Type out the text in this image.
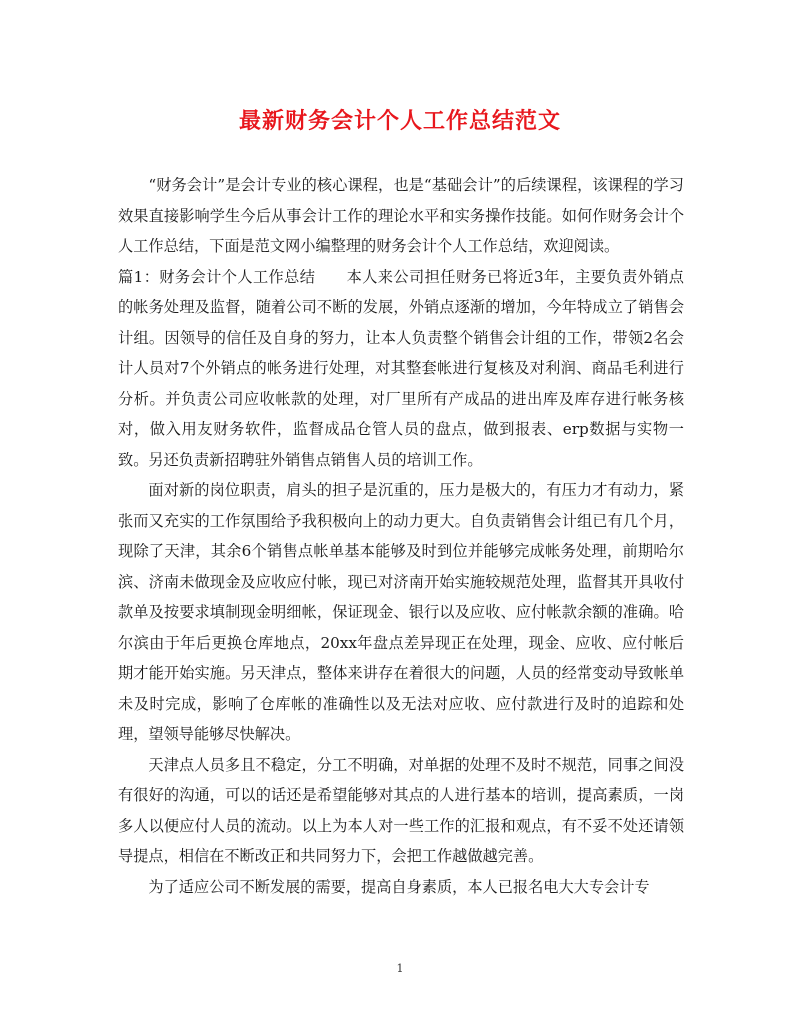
最新财务会计个人工作总结范文

“财务会计”是会计专业的核心课程，也是“基础会计”的后续课程，该课程的学习效果直接影响学生今后从事会计工作的理论水平和实务操作技能。如何作财务会计个人工作总结，下面是范文网小编整理的财务会计个人工作总结，欢迎阅读。

篇1：财务会计个人工作总结　　本人来公司担任财务已将近3年，主要负责外销点的帐务处理及监督，随着公司不断的发展，外销点逐渐的增加，今年特成立了销售会计组。因领导的信任及自身的努力，让本人负责整个销售会计组的工作，带领2名会计人员对7个外销点的帐务进行处理，对其整套帐进行复核及对利润、商品毛利进行分析。并负责公司应收帐款的处理，对厂里所有产成品的进出库及库存进行帐务核对，做入用友财务软件，监督成品仓管人员的盘点，做到报表、erp数据与实物一致。另还负责新招聘驻外销售点销售人员的培训工作。

面对新的岗位职责，肩头的担子是沉重的，压力是极大的，有压力才有动力，紧张而又充实的工作氛围给予我积极向上的动力更大。自负责销售会计组已有几个月，现除了天津，其余6个销售点帐单基本能够及时到位并能够完成帐务处理，前期哈尔滨、济南未做现金及应收应付帐，现已对济南开始实施较规范处理，监督其开具收付款单及按要求填制现金明细帐，保证现金、银行以及应收、应付帐款余额的准确。哈尔滨由于年后更换仓库地点，20xx年盘点差异现正在处理，现金、应收、应付帐后期才能开始实施。另天津点，整体来讲存在着很大的问题，人员的经常变动导致帐单未及时完成，影响了仓库帐的准确性以及无法对应收、应付款进行及时的追踪和处理，望领导能够尽快解决。

天津点人员多且不稳定，分工不明确，对单据的处理不及时不规范，同事之间没有很好的沟通，可以的话还是希望能够对其点的人进行基本的培训，提高素质，一岗多人以便应付人员的流动。以上为本人对一些工作的汇报和观点，有不妥不处还请领导提点，相信在不断改正和共同努力下，会把工作越做越完善。

为了适应公司不断发展的需要，提高自身素质，本人已报名电大大专会计专

1
